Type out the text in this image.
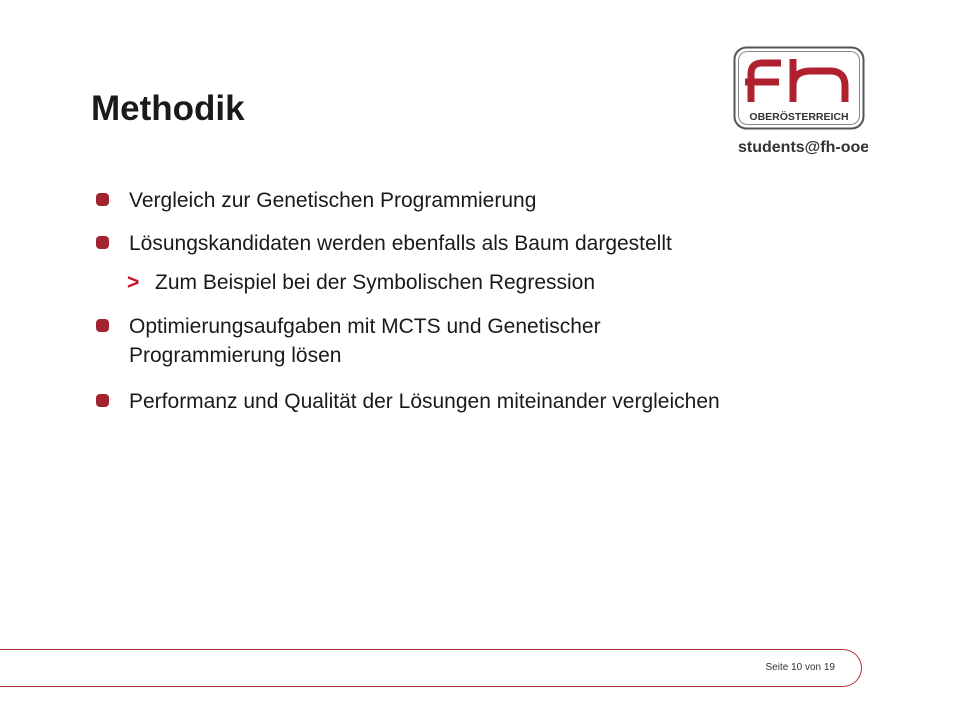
Methodik	OBERÖSTERREICH
students@fh-ooe
Vergleich zur Genetischen Programmierung
Lösungskandidaten werden ebenfalls als Baum dargestellt
> Zum Beispiel bei der Symbolischen Regression
Optimierungsaufgaben mit MCTS und Genetischer Programmierung lösen
Performanz und Qualität der Lösungen miteinander vergleichen
Seite 10 von 19
